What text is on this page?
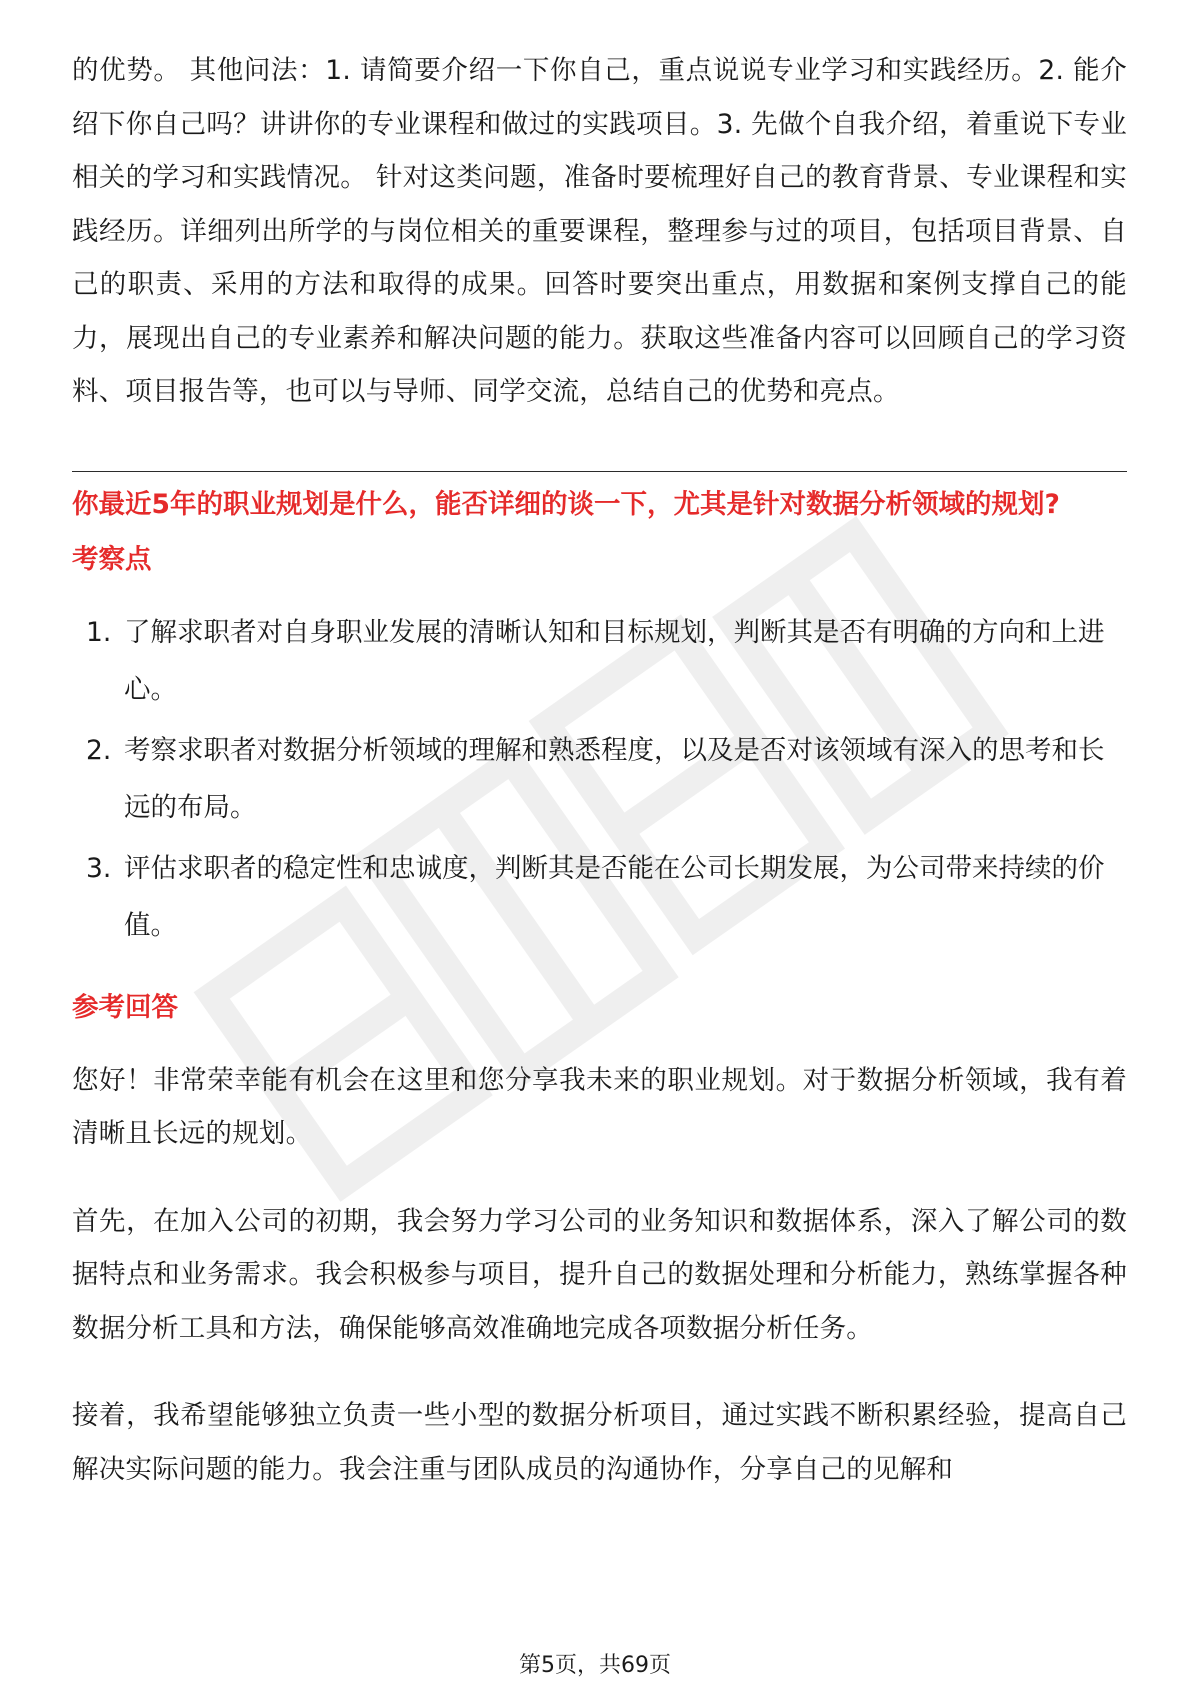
的优势。 其他问法：1. 请简要介绍一下你自己，重点说说专业学习和实践经历。2. 能介绍下你自己吗？讲讲你的专业课程和做过的实践项目。3. 先做个自我介绍，着重说下专业相关的学习和实践情况。 针对这类问题，准备时要梳理好自己的教育背景、专业课程和实践经历。详细列出所学的与岗位相关的重要课程，整理参与过的项目，包括项目背景、自己的职责、采用的方法和取得的成果。回答时要突出重点，用数据和案例支撑自己的能力，展现出自己的专业素养和解决问题的能力。获取这些准备内容可以回顾自己的学习资料、项目报告等，也可以与导师、同学交流，总结自己的优势和亮点。

你最近5年的职业规划是什么，能否详细的谈一下，尤其是针对数据分析领域的规划?

考察点
1. 了解求职者对自身职业发展的清晰认知和目标规划，判断其是否有明确的方向和上进心。
2. 考察求职者对数据分析领域的理解和熟悉程度，以及是否对该领域有深入的思考和长远的布局。
3. 评估求职者的稳定性和忠诚度，判断其是否能在公司长期发展，为公司带来持续的价值。
参考回答

您好！非常荣幸能有机会在这里和您分享我未来的职业规划。对于数据分析领域，我有着清晰且长远的规划。

首先，在加入公司的初期，我会努力学习公司的业务知识和数据体系，深入了解公司的数据特点和业务需求。我会积极参与项目，提升自己的数据处理和分析能力，熟练掌握各种数据分析工具和方法，确保能够高效准确地完成各项数据分析任务。

接着，我希望能够独立负责一些小型的数据分析项目，通过实践不断积累经验，提高自己解决实际问题的能力。我会注重与团队成员的沟通协作，分享自己的见解和

第5页，共69页
